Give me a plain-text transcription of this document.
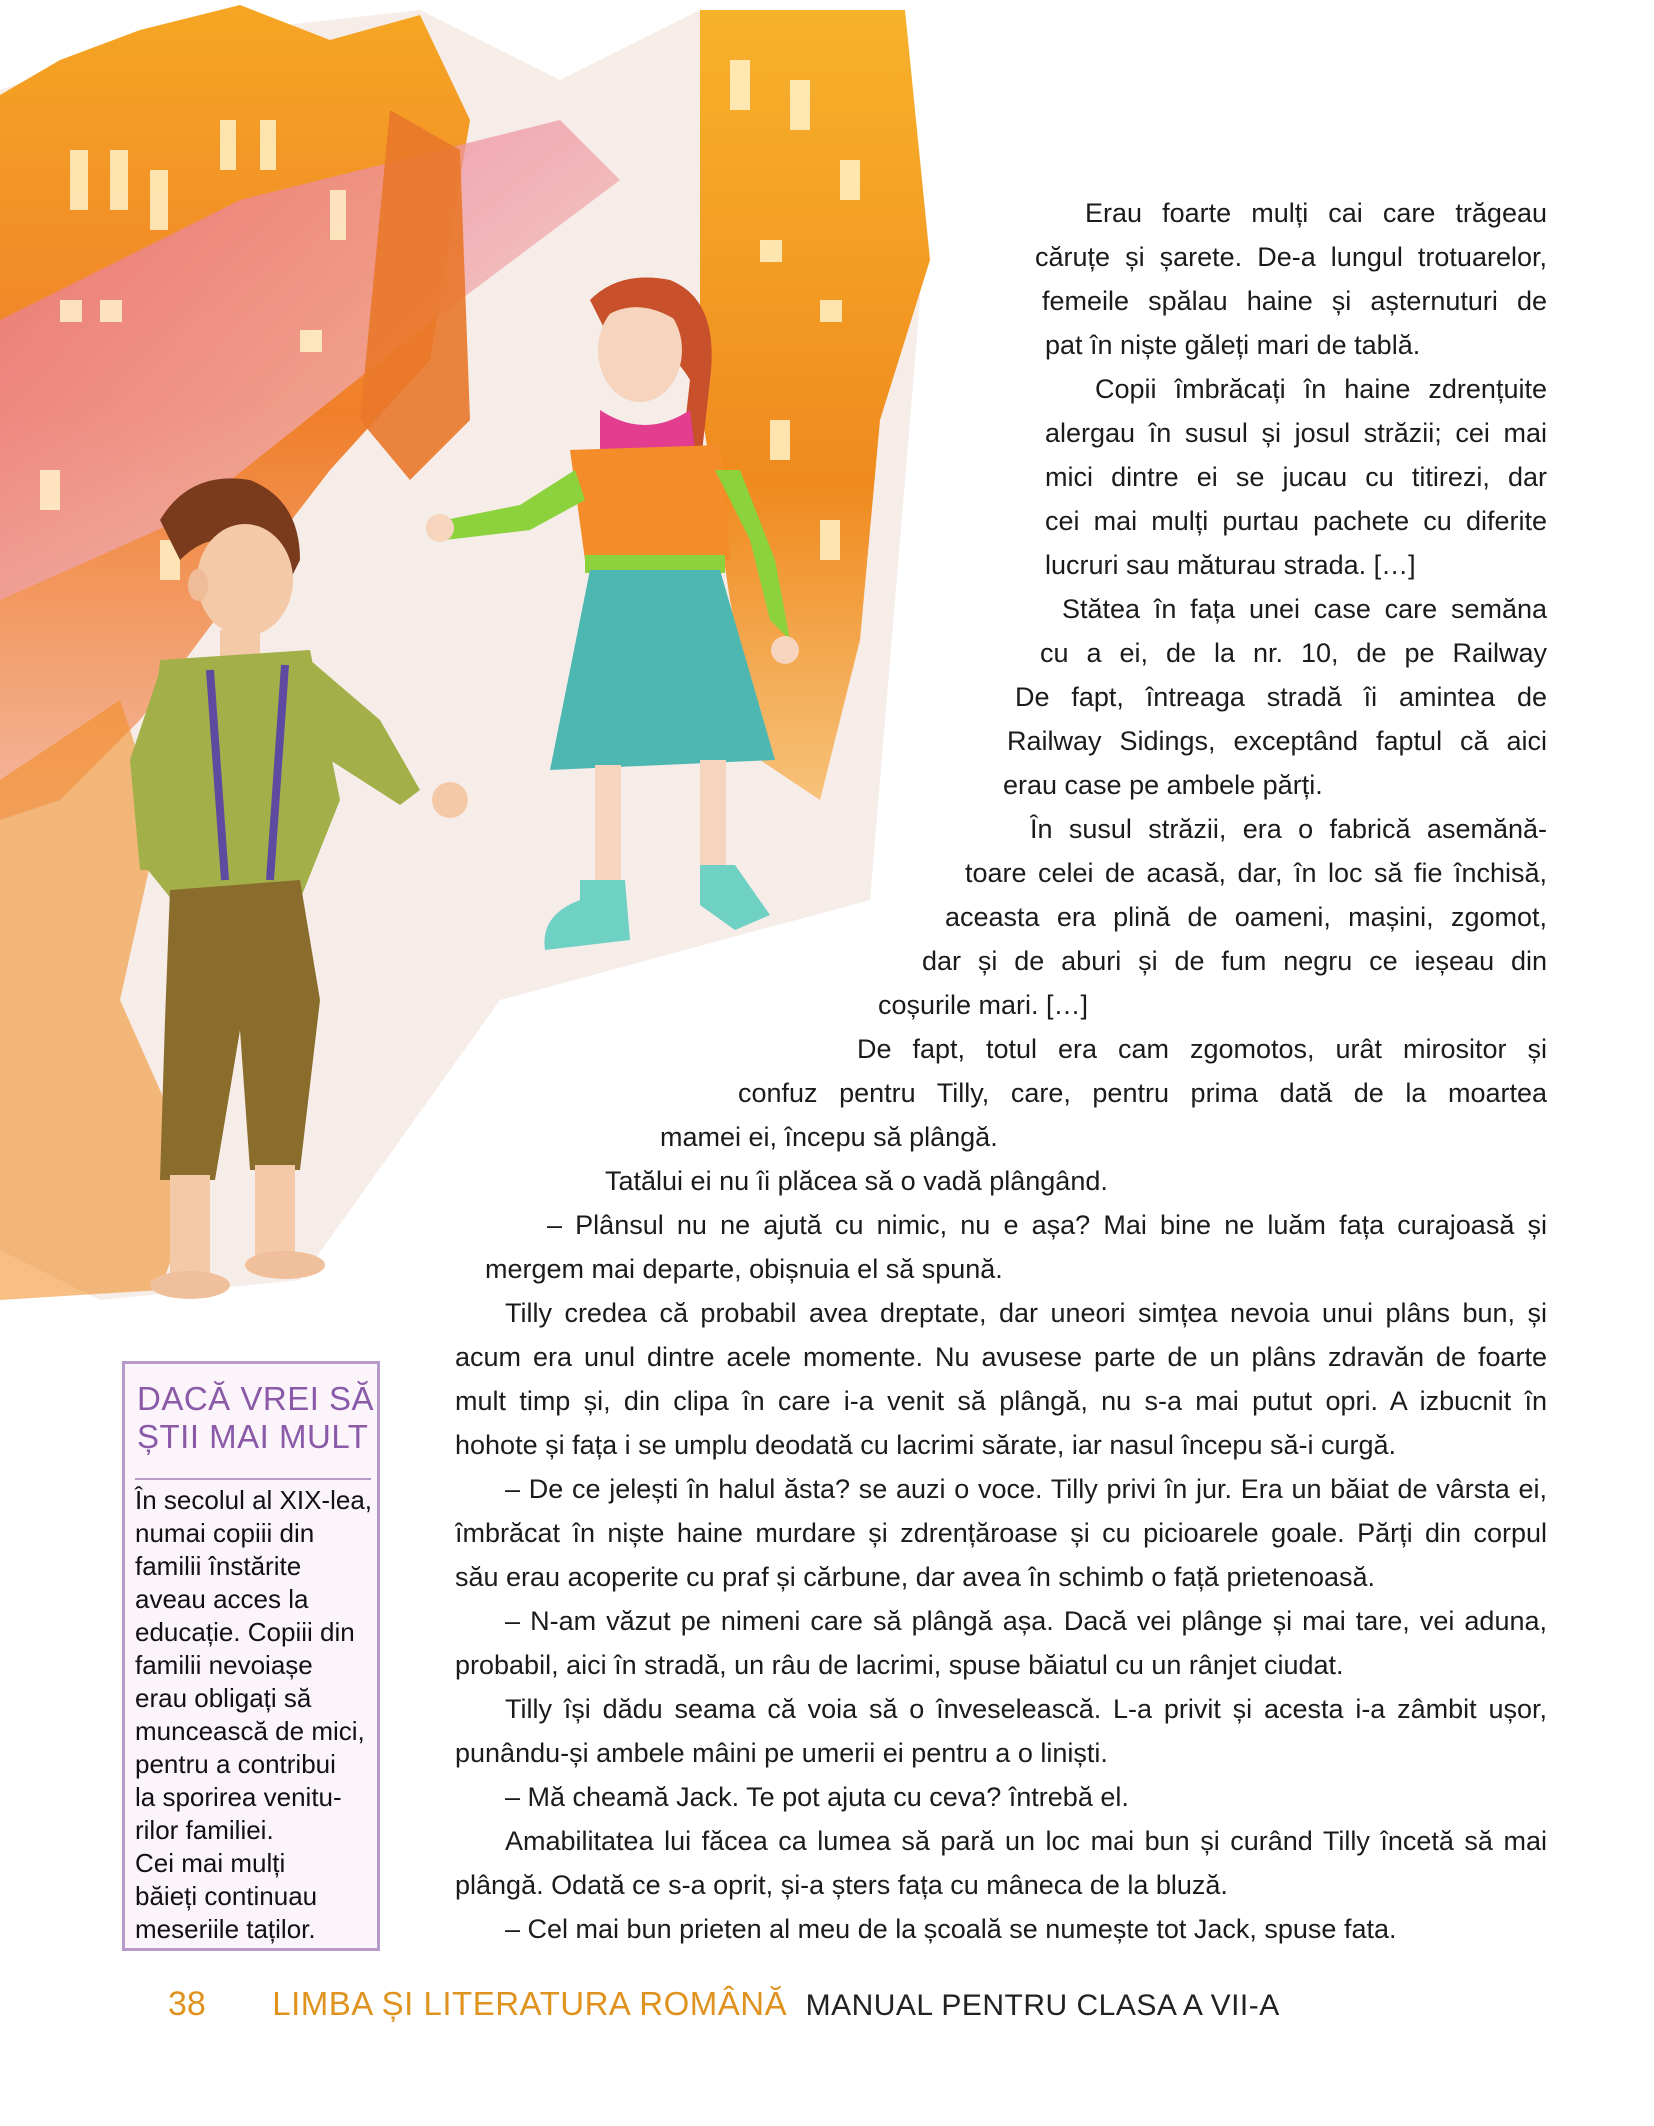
Erau foarte mulți cai care trăgeau
căruțe și șarete. De-a lungul trotuarelor,
femeile spălau haine și așternuturi de
pat în niște găleți mari de tablă.
Copii îmbrăcați în haine zdrențuite
alergau în susul și josul străzii; cei mai
mici dintre ei se jucau cu titirezi, dar
cei mai mulți purtau pachete cu diferite
lucruri sau măturau strada. […]
Stătea în fața unei case care semăna
cu a ei, de la nr. 10, de pe Railway
De fapt, întreaga stradă îi amintea de
Railway Sidings, exceptând faptul că aici
erau case pe ambele părți.
În susul străzii, era o fabrică asemănă-
toare celei de acasă, dar, în loc să fie închisă,
aceasta era plină de oameni, mașini, zgomot,
dar și de aburi și de fum negru ce ieșeau din
coșurile mari. […]
De fapt, totul era cam zgomotos, urât mirositor și
confuz pentru Tilly, care, pentru prima dată de la moartea
mamei ei, începu să plângă.
Tatălui ei nu îi plăcea să o vadă plângând.
– Plânsul nu ne ajută cu nimic, nu e așa? Mai bine ne luăm fața curajoasă și
mergem mai departe, obișnuia el să spună.
Tilly credea că probabil avea dreptate, dar uneori simțea nevoia unui plâns bun, și
acum era unul dintre acele momente. Nu avusese parte de un plâns zdravăn de foarte
mult timp și, din clipa în care i-a venit să plângă, nu s-a mai putut opri. A izbucnit în
hohote și fața i se umplu deodată cu lacrimi sărate, iar nasul începu să-i curgă.
– De ce jelești în halul ăsta? se auzi o voce. Tilly privi în jur. Era un băiat de vârsta ei,
îmbrăcat în niște haine murdare și zdrențăroase și cu picioarele goale. Părți din corpul
său erau acoperite cu praf și cărbune, dar avea în schimb o față prietenoasă.
– N-am văzut pe nimeni care să plângă așa. Dacă vei plânge și mai tare, vei aduna,
probabil, aici în stradă, un râu de lacrimi, spuse băiatul cu un rânjet ciudat.
Tilly își dădu seama că voia să o înveselească. L-a privit și acesta i-a zâmbit ușor,
punându-și ambele mâini pe umerii ei pentru a o liniști.
– Mă cheamă Jack. Te pot ajuta cu ceva? întrebă el.
Amabilitatea lui făcea ca lumea să pară un loc mai bun și curând Tilly încetă să mai
plângă. Odată ce s-a oprit, și-a șters fața cu mâneca de la bluză.
– Cel mai bun prieten al meu de la școală se numește tot Jack, spuse fata.
DACĂ VREI SĂ
ȘTII MAI MULT
În secolul al XIX-lea,
numai copiii din
familii înstărite
aveau acces la
educație. Copiii din
familii nevoiașe
erau obligați să
muncească de mici,
pentru a contribui
la sporirea venitu-
rilor familiei.
Cei mai mulți
băieți continuau
meseriile taților.
38 LIMBA ȘI LITERATURA ROMÂNĂ MANUAL PENTRU CLASA A VII-A
